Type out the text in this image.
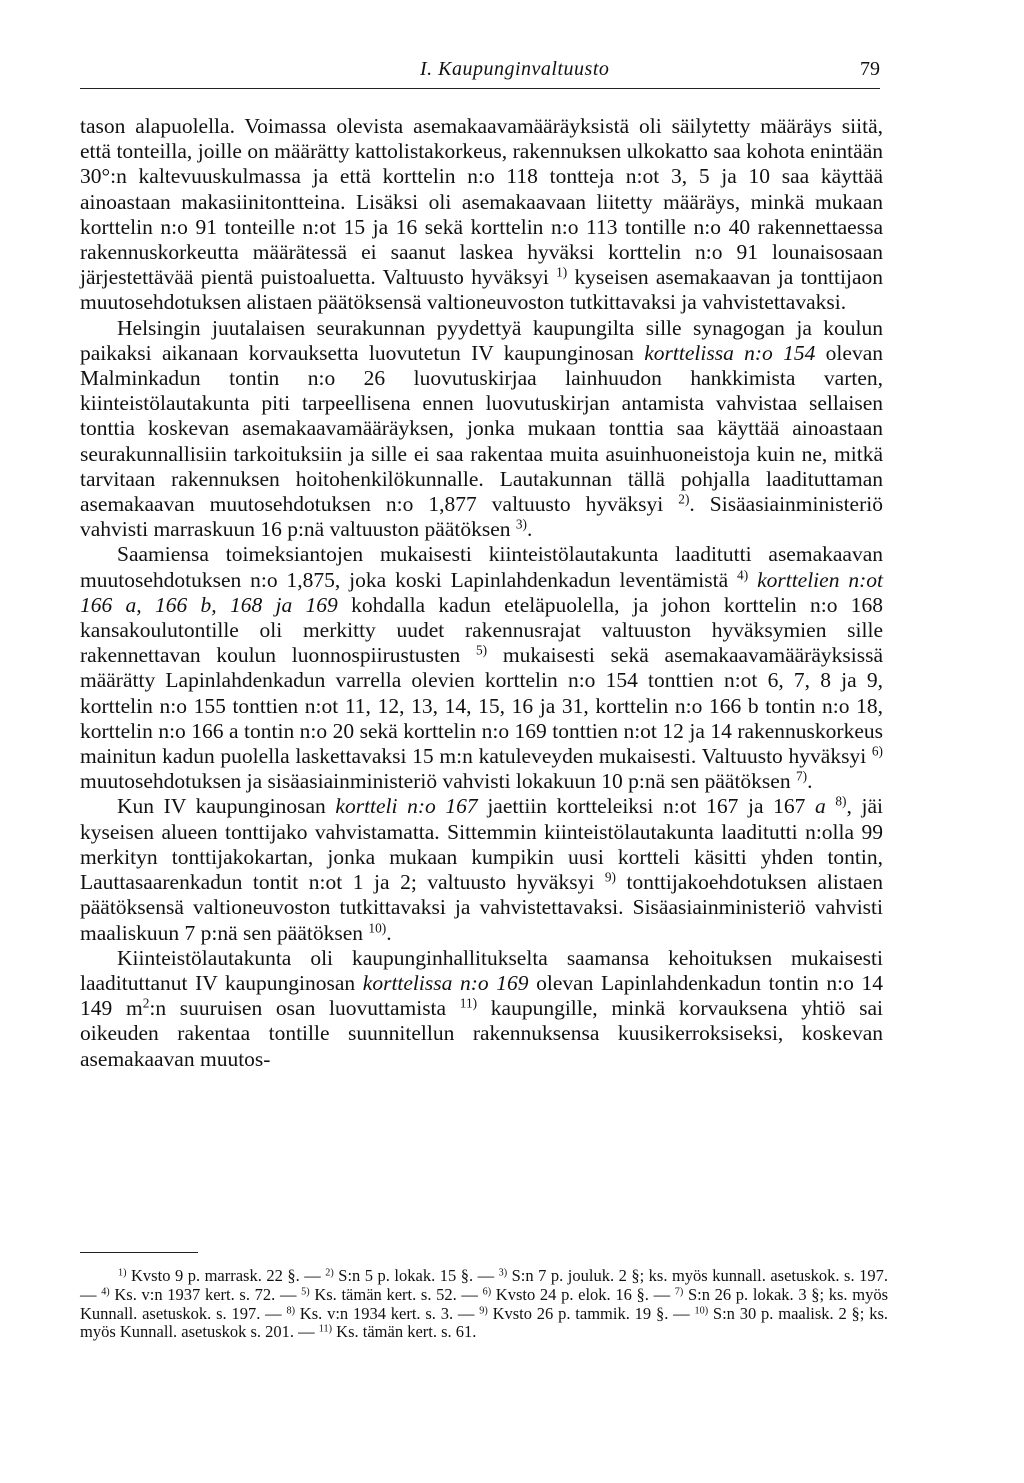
I. Kaupunginvaltuusto	79

tason alapuolella. Voimassa olevista asemakaavamääräyksistä oli säilytetty määräys siitä, että tonteilla, joille on määrätty kattolistakorkeus, rakennuksen ulkokatto saa kohota enintään 30°:n kaltevuuskulmassa ja että korttelin n:o 118 tontteja n:ot 3, 5 ja 10 saa käyttää ainoastaan makasiinitontteina. Lisäksi oli asemakaavaan liitetty määräys, minkä mukaan korttelin n:o 91 tonteille n:ot 15 ja 16 sekä korttelin n:o 113 tontille n:o 40 rakennettaessa rakennuskorkeutta määrätessä ei saanut laskea hyväksi korttelin n:o 91 lounaisosaan järjestettävää pientä puistoaluetta. Valtuusto hyväksyi $^{1)}$ kyseisen asemakaavan ja tonttijaon muutosehdotuksen alistaen päätöksensä valtioneuvoston tutkittavaksi ja vahvistettavaksi.

Helsingin juutalaisen seurakunnan pyydettyä kaupungilta sille synagogan ja koulun paikaksi aikanaan korvauksetta luovutetun IV kaupunginosan korttelissa n:o 154 olevan Malminkadun tontin n:o 26 luovutuskirjaa lainhuudon hankkimista varten, kiinteistölautakunta piti tarpeellisena ennen luovutuskirjan antamista vahvistaa sellaisen tonttia koskevan asemakaavamääräyksen, jonka mukaan tonttia saa käyttää ainoastaan seurakunnallisiin tarkoituksiin ja sille ei saa rakentaa muita asuinhuoneistoja kuin ne, mitkä tarvitaan rakennuksen hoitohenkilökunnalle. Lautakunnan tällä pohjalla laadituttaman asemakaavan muutosehdotuksen n:o 1,877 valtuusto hyväksyi $^{2)}$. Sisäasiainministeriö vahvisti marraskuun 16 p:nä valtuuston päätöksen $^{3)}$.

Saamiensa toimeksiantojen mukaisesti kiinteistölautakunta laaditutti asemakaavan muutosehdotuksen n:o 1,875, joka koski Lapinlahdenkadun leventämistä $^{4)}$ korttelien n:ot 166 a, 166 b, 168 ja 169 kohdalla kadun eteläpuolella, ja johon korttelin n:o 168 kansakoulutontille oli merkitty uudet rakennusrajat valtuuston hyväksymien sille rakennettavan koulun luonnospiirustusten $^{5)}$ mukaisesti sekä asemakaavamääräyksissä määrätty Lapinlahdenkadun varrella olevien korttelin n:o 154 tonttien n:ot 6, 7, 8 ja 9, korttelin n:o 155 tonttien n:ot 11, 12, 13, 14, 15, 16 ja 31, korttelin n:o 166 b tontin n:o 18, korttelin n:o 166 a tontin n:o 20 sekä korttelin n:o 169 tonttien n:ot 12 ja 14 rakennuskorkeus mainitun kadun puolella laskettavaksi 15 m:n katuleveyden mukaisesti. Valtuusto hyväksyi $^{6)}$ muutosehdotuksen ja sisäasiainministeriö vahvisti lokakuun 10 p:nä sen päätöksen $^{7)}$.

Kun IV kaupunginosan kortteli n:o 167 jaettiin kortteleiksi n:ot 167 ja 167 a $^{8)}$, jäi kyseisen alueen tonttijako vahvistamatta. Sittemmin kiinteistölautakunta laaditutti n:olla 99 merkityn tonttijakokartan, jonka mukaan kumpikin uusi kortteli käsitti yhden tontin, Lauttasaarenkadun tontit n:ot 1 ja 2; valtuusto hyväksyi $^{9)}$ tonttijakoehdotuksen alistaen päätöksensä valtioneuvoston tutkittavaksi ja vahvistettavaksi. Sisäasiainministeriö vahvisti maaliskuun 7 p:nä sen päätöksen $^{10)}$.

Kiinteistölautakunta oli kaupunginhallitukselta saamansa kehoituksen mukaisesti laadituttanut IV kaupunginosan korttelissa n:o 169 olevan Lapinlahdenkadun tontin n:o 14 149 $m^2:n$ suuruisen osan luovuttamista $^{11)}$ kaupungille, minkä korvauksena yhtiö sai oikeuden rakentaa tontille suunnitellun rakennuksensa kuusikerroksiseksi, koskevan asemakaavan muutos-

$^{1)}$ Kvsto 9 p. marrask. 22 §. — $^{2)}$ S:n 5 p. lokak. 15 §. — $^{3)}$ S:n 7 p. jouluk. 2 §; ks. myös kunnall. asetuskok. s. 197. — $^{4)}$ Ks. v:n 1937 kert. s. 72. — $^{5)}$ Ks. tämän kert. s. 52. — $^{6)}$ Kvsto 24 p. elok. 16 §. — $^{7)}$ S:n 26 p. lokak. 3 §; ks. myös Kunnall. asetuskok. s. 197. — $^{8)}$ Ks. v:n 1934 kert. s. 3. — $^{9)}$ Kvsto 26 p. tammik. 19 §. — $^{10)}$ S:n 30 p. maalisk. 2 §; ks. myös Kunnall. asetuskok s. 201. — $^{11)}$ Ks. tämän kert. s. 61.
